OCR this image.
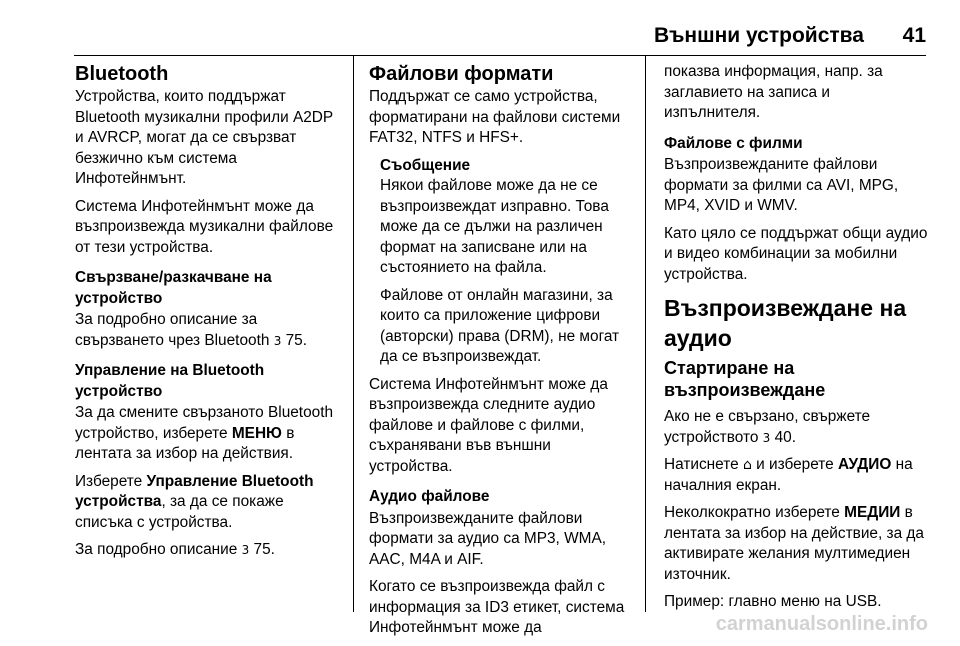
Външни устройства	41
Bluetooth

Устройства, които поддържат Bluetooth музикални профили A2DP и AVRCP, могат да се свързват безжично към система Инфотейнмънт.

Система Инфотейнмънт може да възпроизвежда музикални файлове от тези устройства.

Свързване/разкачване на устройство

За подробно описание за свързването чрез Bluetooth 3 75.

Управление на Bluetooth устройство

За да смените свързаното Bluetooth устройство, изберете МЕНЮ в лентата за избор на действия.

Изберете Управление Bluetooth устройства, за да се покаже списъка с устройства.

За подробно описание 3 75.

Файлови формати

Поддържат се само устройства, форматирани на файлови системи FAT32, NTFS и HFS+.

Съобщение

Някои файлове може да не се възпроизвеждат изправно. Това може да се дължи на различен формат на записване или на състоянието на файла.

Файлове от онлайн магазини, за които са приложение цифрови (авторски) права (DRM), не могат да се възпроизвеждат.

Система Инфотейнмънт може да възпроизвежда следните аудио файлове и файлове с филми, съхранявани във външни устройства.

Аудио файлове

Възпроизвежданите файлови формати за аудио са MP3, WMA, AAC, M4A и AIF.

Когато се възпроизвежда файл с информация за ID3 етикет, система Инфотейнмънт може да

показва информация, напр. за заглавието на записа и изпълнителя.

Файлове с филми

Възпроизвежданите файлови формати за филми са AVI, MPG, MP4, XVID и WMV.

Като цяло се поддържат общи аудио и видео комбинации за мобилни устройства.

Възпроизвеждане на аудио
Стартиране на възпроизвеждане

Ако не е свързано, свържете устройството 3 40.

Натиснете ⌂ и изберете АУДИО на началния екран.

Неколкократно изберете МЕДИИ в лентата за избор на действие, за да активирате желания мултимедиен източник.

Пример: главно меню на USB.

carmanualsonline.info
